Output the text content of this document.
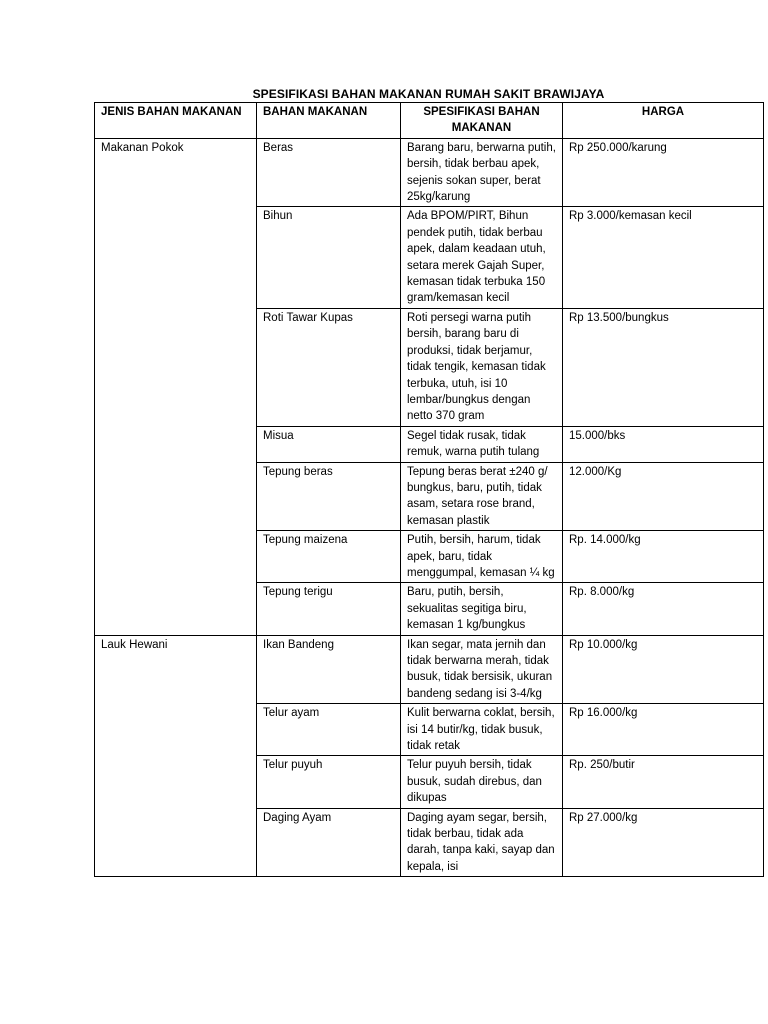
SPESIFIKASI BAHAN MAKANAN RUMAH SAKIT BRAWIJAYA
JENIS BAHAN MAKANAN	BAHAN MAKANAN	SPESIFIKASI BAHAN MAKANAN	HARGA
Makanan Pokok	Beras	Barang baru, berwarna putih, bersih, tidak berbau apek, sejenis sokan super, berat 25kg/karung	Rp 250.000/karung
	Bihun	Ada BPOM/PIRT, Bihun pendek putih, tidak berbau apek, dalam keadaan utuh, setara merek Gajah Super, kemasan tidak terbuka 150 gram/kemasan kecil	Rp 3.000/kemasan kecil
	Roti Tawar Kupas	Roti persegi warna putih bersih, barang baru di produksi, tidak berjamur, tidak tengik, kemasan tidak terbuka, utuh, isi 10 lembar/bungkus dengan netto 370 gram	Rp 13.500/bungkus
	Misua	Segel tidak rusak, tidak remuk, warna putih tulang	15.000/bks
	Tepung beras	Tepung beras berat ±240 g/ bungkus, baru, putih, tidak asam, setara rose brand, kemasan plastik	12.000/Kg
	Tepung maizena	Putih, bersih, harum, tidak apek, baru, tidak menggumpal, kemasan ¼ kg	Rp. 14.000/kg
	Tepung terigu	Baru, putih, bersih, sekualitas segitiga biru, kemasan 1 kg/bungkus	Rp. 8.000/kg
Lauk Hewani	Ikan Bandeng	Ikan segar, mata jernih dan tidak berwarna merah, tidak busuk, tidak bersisik, ukuran bandeng sedang isi 3-4/kg	Rp 10.000/kg
	Telur ayam	Kulit berwarna coklat, bersih, isi 14 butir/kg, tidak busuk, tidak retak	Rp 16.000/kg
	Telur puyuh	Telur puyuh bersih, tidak busuk, sudah direbus, dan dikupas	Rp. 250/butir
	Daging Ayam	Daging ayam segar, bersih, tidak berbau, tidak ada darah, tanpa kaki, sayap dan kepala, isi	Rp 27.000/kg
